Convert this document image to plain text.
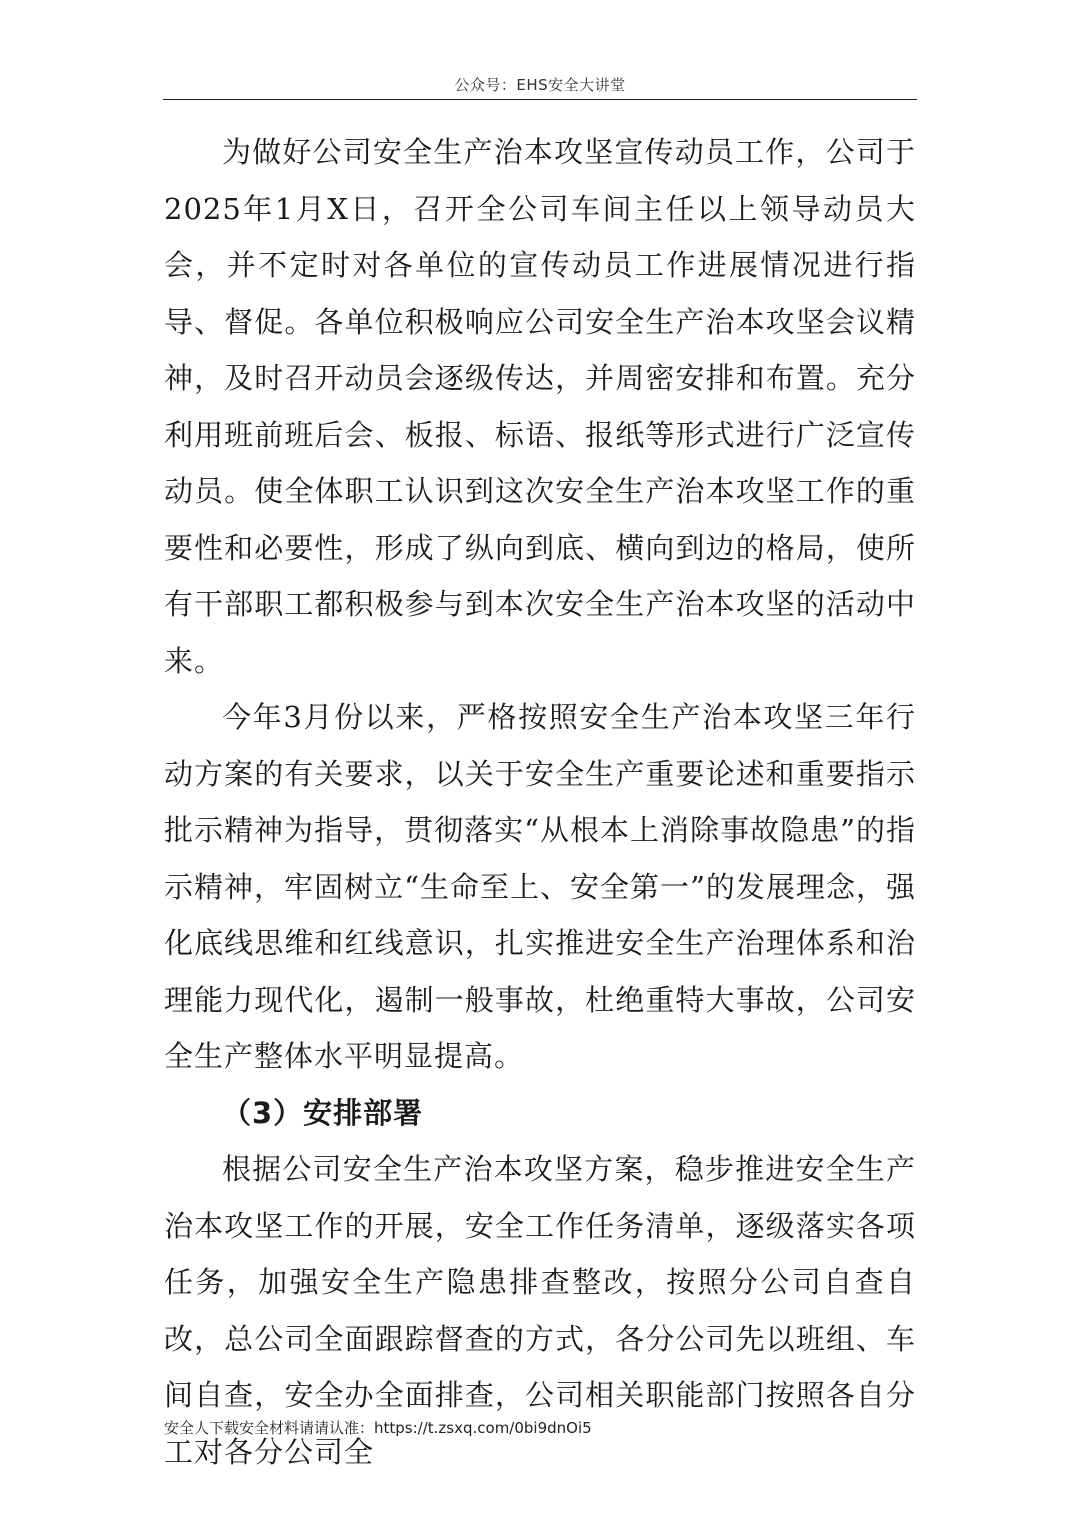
公众号：EHS安全大讲堂

为做好公司安全生产治本攻坚宣传动员工作，公司于 2025年1月X日，召开全公司车间主任以上领导动员大会，并不定时对各单位的宣传动员工作进展情况进行指导、督促。各单位积极响应公司安全生产治本攻坚会议精神，及时召开动员会逐级传达，并周密安排和布置。充分利用班前班后会、板报、标语、报纸等形式进行广泛宣传动员。使全体职工认识到这次安全生产治本攻坚工作的重要性和必要性，形成了纵向到底、横向到边的格局，使所有干部职工都积极参与到本次安全生产治本攻坚的活动中来。

今年3月份以来，严格按照安全生产治本攻坚三年行动方案的有关要求，以关于安全生产重要论述和重要指示批示精神为指导，贯彻落实“从根本上消除事故隐患”的指示精神，牢固树立“生命至上、安全第一”的发展理念，强化底线思维和红线意识，扎实推进安全生产治理体系和治理能力现代化，遏制一般事故，杜绝重特大事故，公司安全生产整体水平明显提高。

（3）安排部署

根据公司安全生产治本攻坚方案，稳步推进安全生产治本攻坚工作的开展，安全工作任务清单，逐级落实各项任务，加强安全生产隐患排查整改，按照分公司自查自改，总公司全面跟踪督查的方式，各分公司先以班组、车间自查，安全办全面排查，公司相关职能部门按照各自分工对各分公司全

安全人下载安全材料请请认准：https://t.zsxq.com/0bi9dnOi5
